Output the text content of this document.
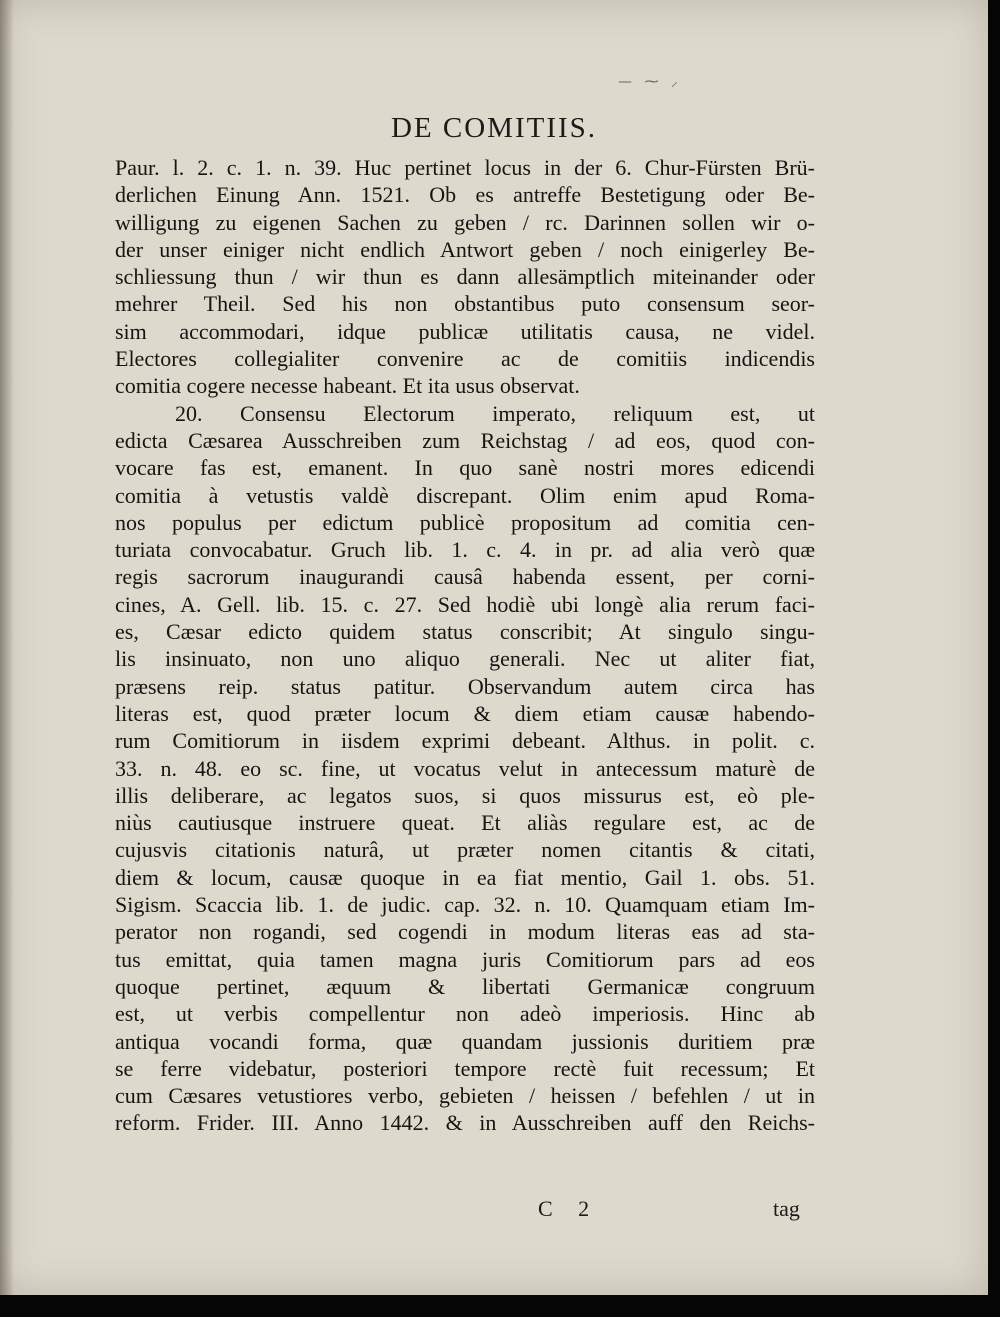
— ⁓ ⸝
DE COMITIIS.
Paur. l. 2. c. 1. n. 39. Huc pertinet locus in der 6. Chur-Fürsten Brü-
derlichen Einung Ann. 1521. Ob es antreffe Bestetigung oder Be-
willigung zu eigenen Sachen zu geben / rc. Darinnen sollen wir o-
der unser einiger nicht endlich Antwort geben / noch einigerley Be-
schliessung thun / wir thun es dann allesämptlich miteinander oder
mehrer Theil. Sed his non obstantibus puto consensum seor-
sim accommodari, idque publicæ utilitatis causa, ne videl.
Electores collegialiter convenire ac de comitiis indicendis
comitia cogere necesse habeant. Et ita usus observat.
20. Consensu Electorum imperato, reliquum est, ut
edicta Cæsarea Ausschreiben zum Reichstag / ad eos, quod con-
vocare fas est, emanent. In quo sanè nostri mores edicendi
comitia à vetustis valdè discrepant. Olim enim apud Roma-
nos populus per edictum publicè propositum ad comitia cen-
turiata convocabatur. Gruch lib. 1. c. 4. in pr. ad alia verò quæ
regis sacrorum inaugurandi causâ habenda essent, per corni-
cines, A. Gell. lib. 15. c. 27. Sed hodiè ubi longè alia rerum faci-
es, Cæsar edicto quidem status conscribit; At singulo singu-
lis insinuato, non uno aliquo generali. Nec ut aliter fiat,
præsens reip. status patitur. Observandum autem circa has
literas est, quod præter locum & diem etiam causæ habendo-
rum Comitiorum in iisdem exprimi debeant. Althus. in polit. c.
33. n. 48. eo sc. fine, ut vocatus velut in antecessum maturè de
illis deliberare, ac legatos suos, si quos missurus est, eò ple-
niùs cautiusque instruere queat. Et aliàs regulare est, ac de
cujusvis citationis naturâ, ut præter nomen citantis & citati,
diem & locum, causæ quoque in ea fiat mentio, Gail 1. obs. 51.
Sigism. Scaccia lib. 1. de judic. cap. 32. n. 10. Quamquam etiam Im-
perator non rogandi, sed cogendi in modum literas eas ad sta-
tus emittat, quia tamen magna juris Comitiorum pars ad eos
quoque pertinet, æquum & libertati Germanicæ congruum
est, ut verbis compellentur non adeò imperiosis. Hinc ab
antiqua vocandi forma, quæ quandam jussionis duritiem præ
se ferre videbatur, posteriori tempore rectè fuit recessum; Et
cum Cæsares vetustiores verbo, gebieten / heissen / befehlen / ut in
reform. Frider. III. Anno 1442. & in Ausschreiben auff den Reichs-
C 2	tag
